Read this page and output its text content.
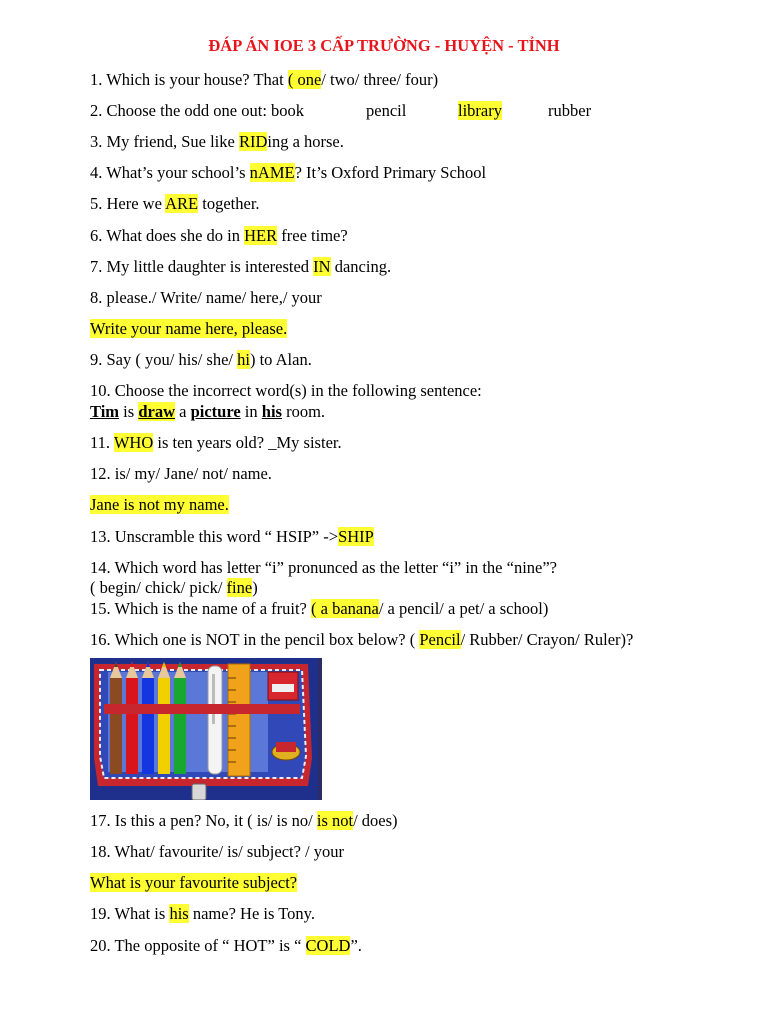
ĐÁP ÁN IOE 3 CẤP TRƯỜNG - HUYỆN - TỈNH
1. Which is your house? That ( one/ two/ three/ four)
2. Choose the odd one out: book	pencil	library	rubber
3. My friend, Sue like RIDing a horse.
4. What’s your school’s nAME? It’s Oxford Primary School
5. Here we ARE together.
6. What does she do in HER free time?
7. My little daughter is interested IN dancing.
8. please./ Write/ name/ here,/ your
Write your name here, please.
9. Say ( you/ his/ she/ hi) to Alan.
10. Choose the incorrect word(s) in the following sentence:
Tim is draw a picture in his room.
11. WHO is ten years old? _My sister.
12. is/ my/ Jane/ not/ name.
Jane is not my name.
13. Unscramble this word “ HSIP” ->SHIP
14. Which word has letter “i” pronunced as the letter “i” in the “nine”?
( begin/ chick/ pick/ fine)
15. Which is the name of a fruit? ( a banana/ a pencil/ a pet/ a school)
16. Which one is NOT in the pencil box below? ( Pencil/ Rubber/ Crayon/ Ruler)?
17. Is this a pen? No, it ( is/ is no/ is not/ does)
18. What/ favourite/ is/ subject? / your
What is your favourite subject?
19. What is his name? He is Tony.
20. The opposite of “ HOT” is “ COLD”.
